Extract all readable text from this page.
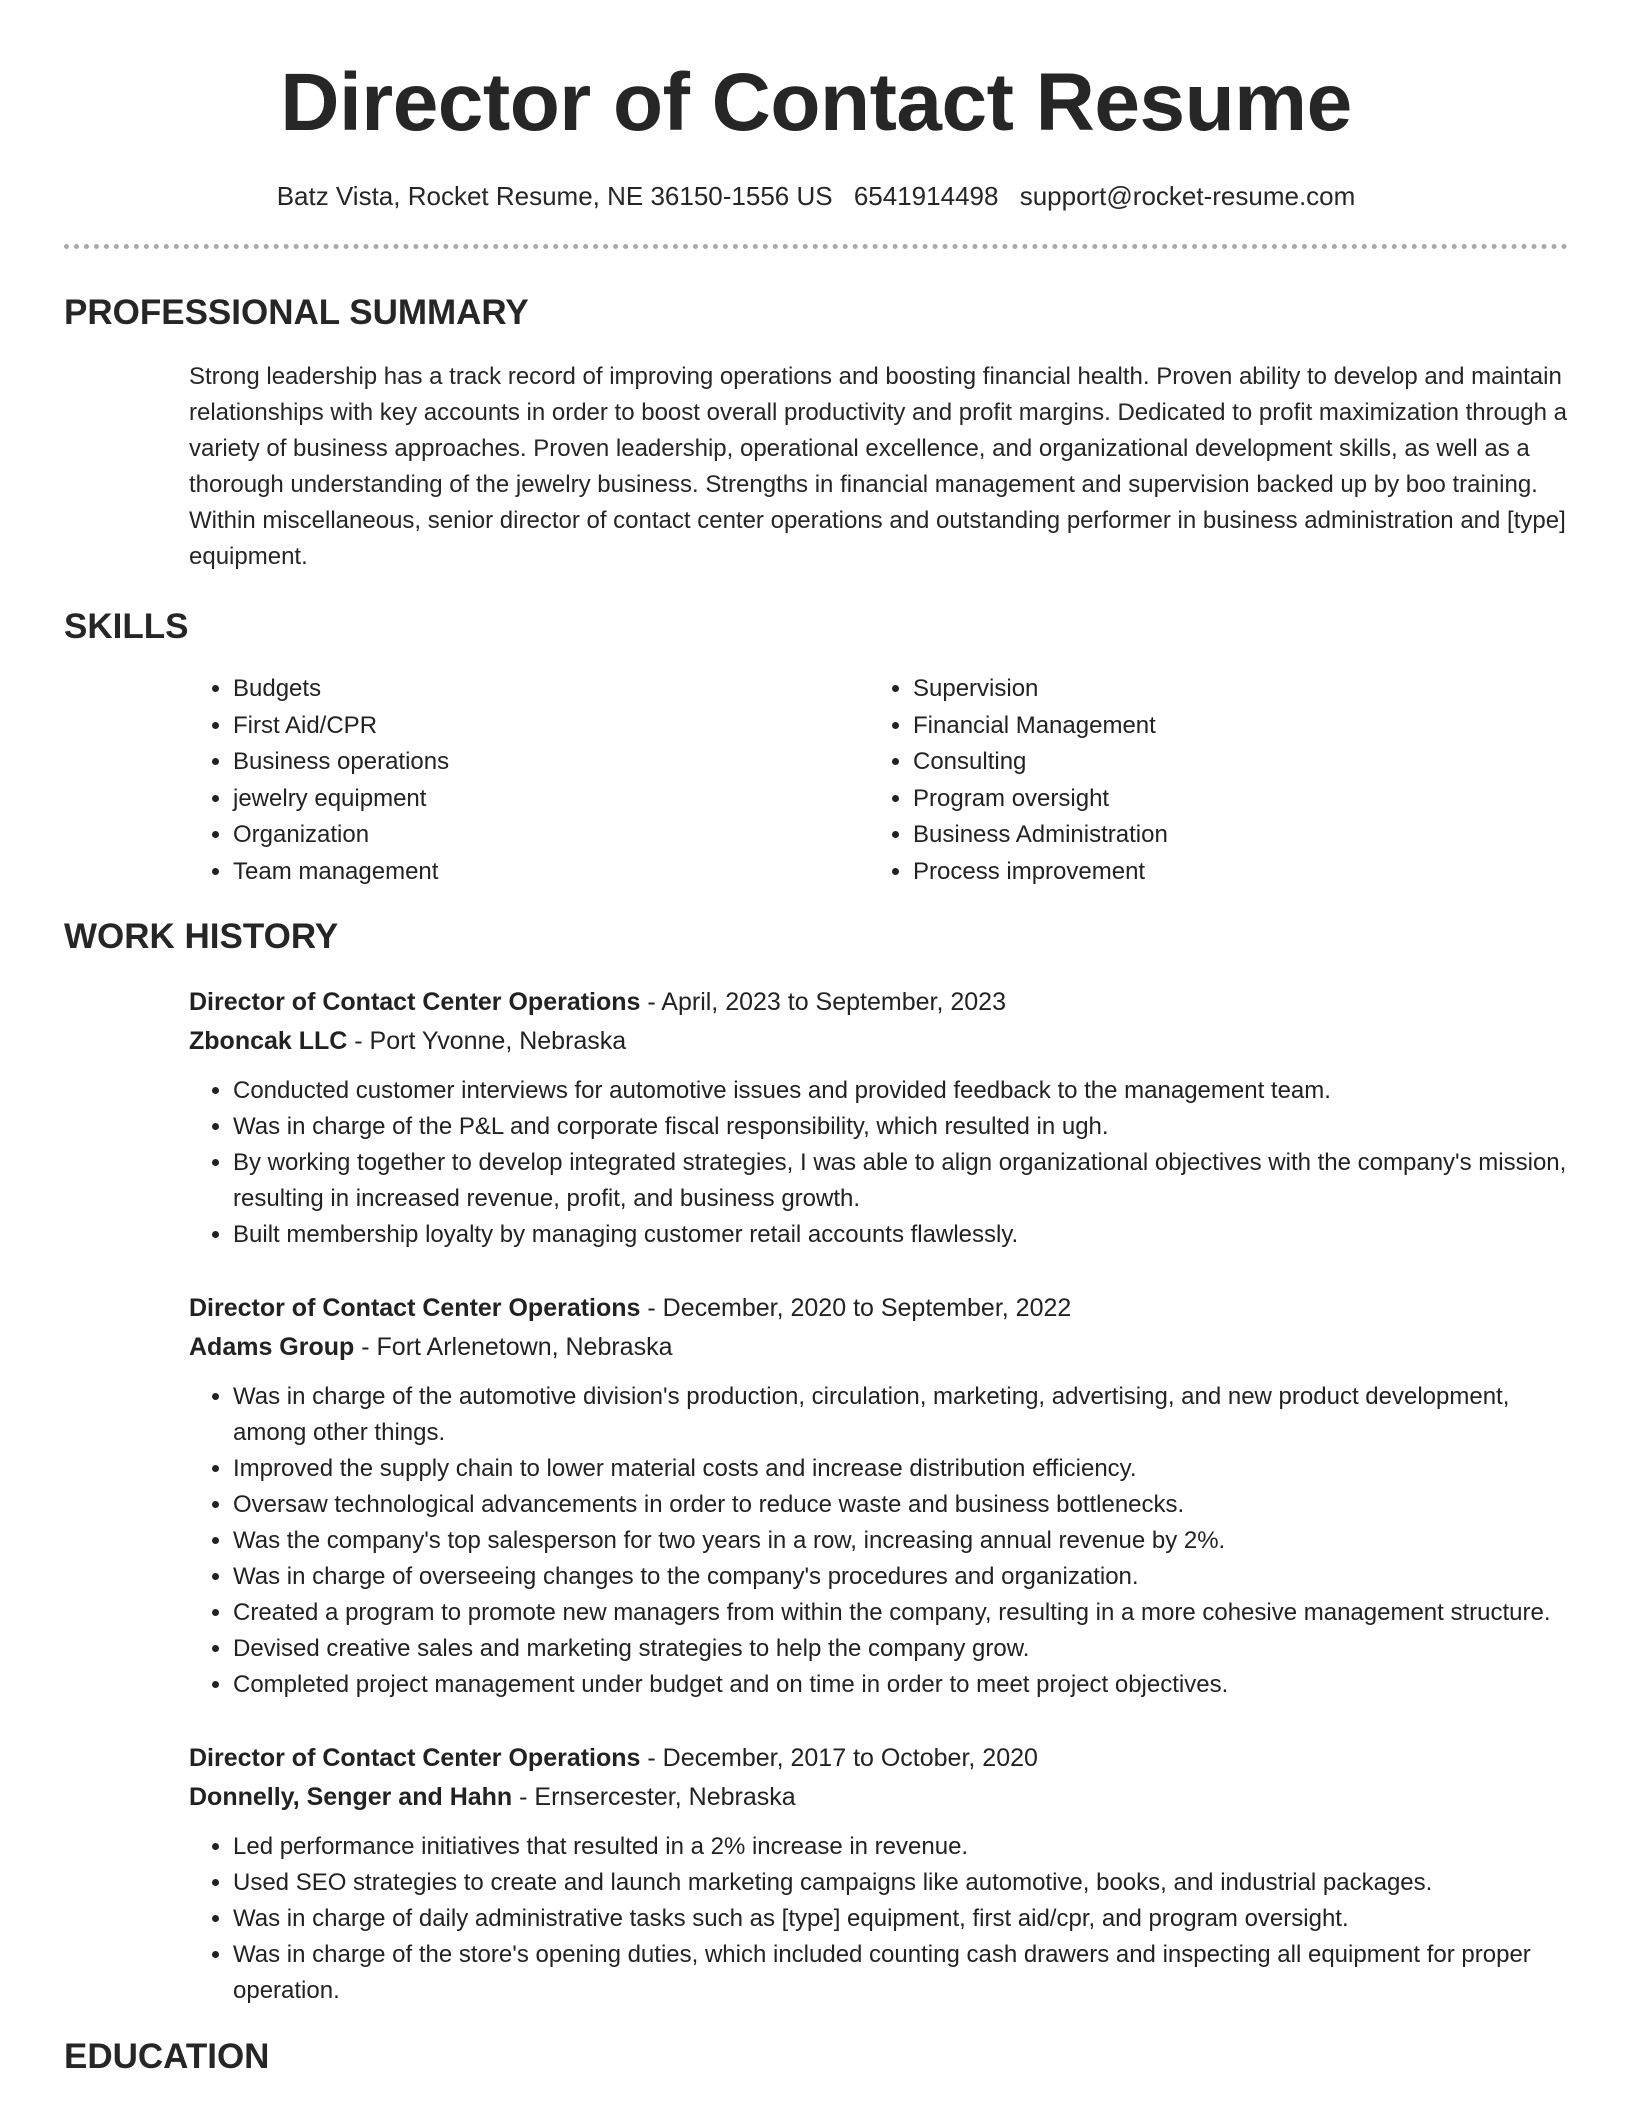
Director of Contact Resume
Batz Vista, Rocket Resume, NE 36150-1556 US 6541914498 support@rocket-resume.com
PROFESSIONAL SUMMARY

Strong leadership has a track record of improving operations and boosting financial health. Proven ability to develop and maintain relationships with key accounts in order to boost overall productivity and profit margins. Dedicated to profit maximization through a variety of business approaches. Proven leadership, operational excellence, and organizational development skills, as well as a thorough understanding of the jewelry business. Strengths in financial management and supervision backed up by boo training. Within miscellaneous, senior director of contact center operations and outstanding performer in business administration and [type] equipment.

SKILLS
• Budgets
• First Aid/CPR
• Business operations
• jewelry equipment
• Organization
• Team management
• Supervision
• Financial Management
• Consulting
• Program oversight
• Business Administration
• Process improvement
WORK HISTORY
Director of Contact Center Operations - April, 2023 to September, 2023
Zboncak LLC - Port Yvonne, Nebraska
• Conducted customer interviews for automotive issues and provided feedback to the management team.
• Was in charge of the P&L and corporate fiscal responsibility, which resulted in ugh.
• By working together to develop integrated strategies, I was able to align organizational objectives with the company's mission, resulting in increased revenue, profit, and business growth.
• Built membership loyalty by managing customer retail accounts flawlessly.
Director of Contact Center Operations - December, 2020 to September, 2022
Adams Group - Fort Arlenetown, Nebraska
• Was in charge of the automotive division's production, circulation, marketing, advertising, and new product development, among other things.
• Improved the supply chain to lower material costs and increase distribution efficiency.
• Oversaw technological advancements in order to reduce waste and business bottlenecks.
• Was the company's top salesperson for two years in a row, increasing annual revenue by 2%.
• Was in charge of overseeing changes to the company's procedures and organization.
• Created a program to promote new managers from within the company, resulting in a more cohesive management structure.
• Devised creative sales and marketing strategies to help the company grow.
• Completed project management under budget and on time in order to meet project objectives.
Director of Contact Center Operations - December, 2017 to October, 2020
Donnelly, Senger and Hahn - Ernsercester, Nebraska
• Led performance initiatives that resulted in a 2% increase in revenue.
• Used SEO strategies to create and launch marketing campaigns like automotive, books, and industrial packages.
• Was in charge of daily administrative tasks such as [type] equipment, first aid/cpr, and program oversight.
• Was in charge of the store's opening duties, which included counting cash drawers and inspecting all equipment for proper operation.
EDUCATION
